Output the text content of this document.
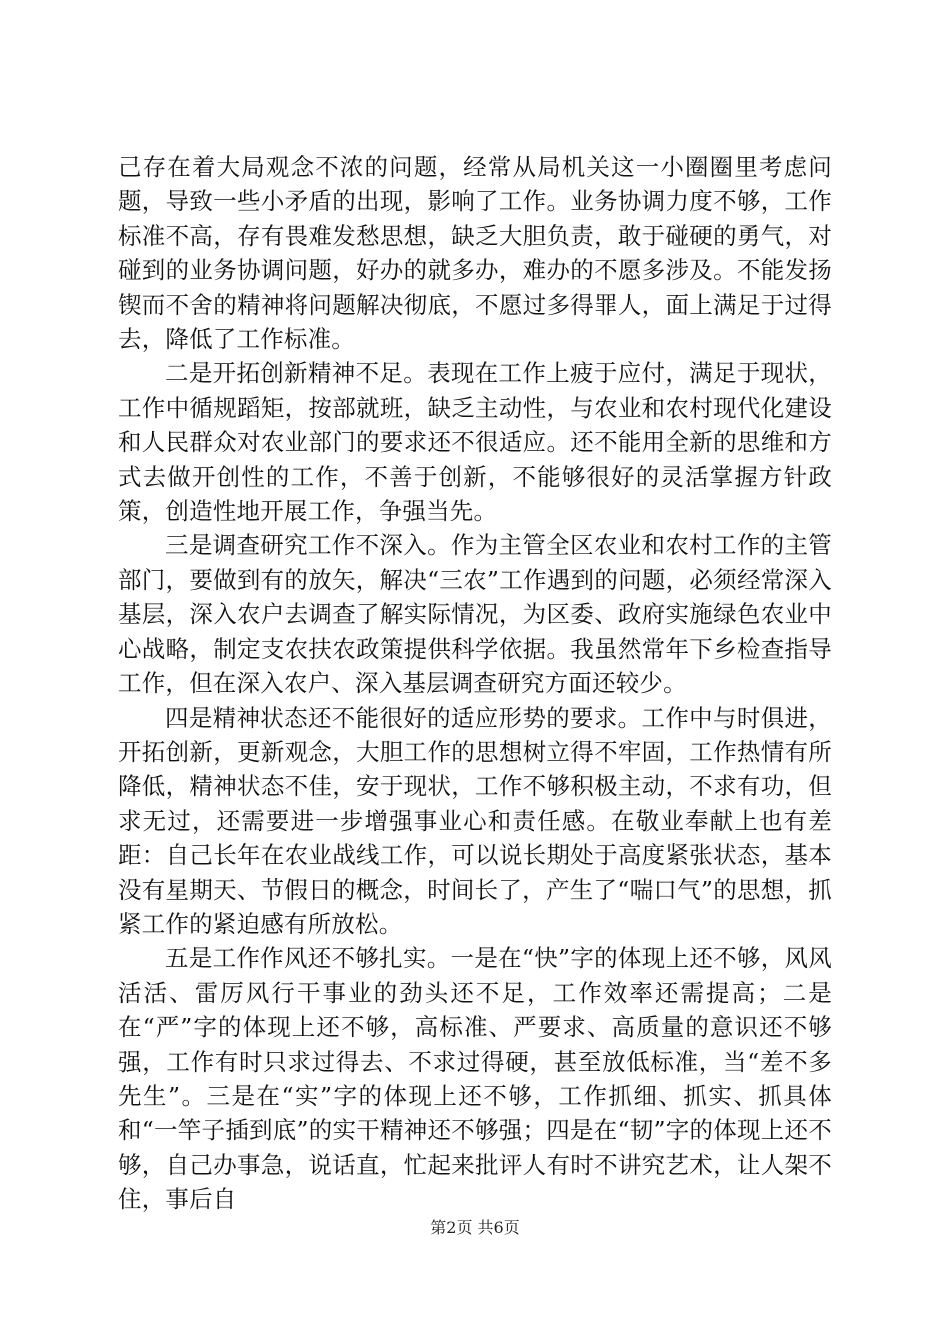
己存在着大局观念不浓的问题，经常从局机关这一小圈圈里考虑问题，导致一些小矛盾的出现，影响了工作。业务协调力度不够，工作标准不高，存有畏难发愁思想，缺乏大胆负责，敢于碰硬的勇气，对碰到的业务协调问题，好办的就多办，难办的不愿多涉及。不能发扬锲而不舍的精神将问题解决彻底，不愿过多得罪人，面上满足于过得去，降低了工作标准。

二是开拓创新精神不足。表现在工作上疲于应付，满足于现状，工作中循规蹈矩，按部就班，缺乏主动性，与农业和农村现代化建设和人民群众对农业部门的要求还不很适应。还不能用全新的思维和方式去做开创性的工作，不善于创新，不能够很好的灵活掌握方针政策，创造性地开展工作，争强当先。

三是调查研究工作不深入。作为主管全区农业和农村工作的主管部门，要做到有的放矢，解决“三农”工作遇到的问题，必须经常深入基层，深入农户去调查了解实际情况，为区委、政府实施绿色农业中心战略，制定支农扶农政策提供科学依据。我虽然常年下乡检查指导工作，但在深入农户、深入基层调查研究方面还较少。

四是精神状态还不能很好的适应形势的要求。工作中与时俱进，开拓创新，更新观念，大胆工作的思想树立得不牢固，工作热情有所降低，精神状态不佳，安于现状，工作不够积极主动，不求有功，但求无过，还需要进一步增强事业心和责任感。在敬业奉献上也有差距：自己长年在农业战线工作，可以说长期处于高度紧张状态，基本没有星期天、节假日的概念，时间长了，产生了“喘口气”的思想，抓紧工作的紧迫感有所放松。

五是工作作风还不够扎实。一是在“快”字的体现上还不够，风风活活、雷厉风行干事业的劲头还不足，工作效率还需提高；二是在“严”字的体现上还不够，高标准、严要求、高质量的意识还不够强，工作有时只求过得去、不求过得硬，甚至放低标准，当“差不多先生”。三是在“实”字的体现上还不够，工作抓细、抓实、抓具体和“一竿子插到底”的实干精神还不够强；四是在“韧”字的体现上还不够，自己办事急，说话直，忙起来批评人有时不讲究艺术，让人架不住，事后自

第2页 共6页
